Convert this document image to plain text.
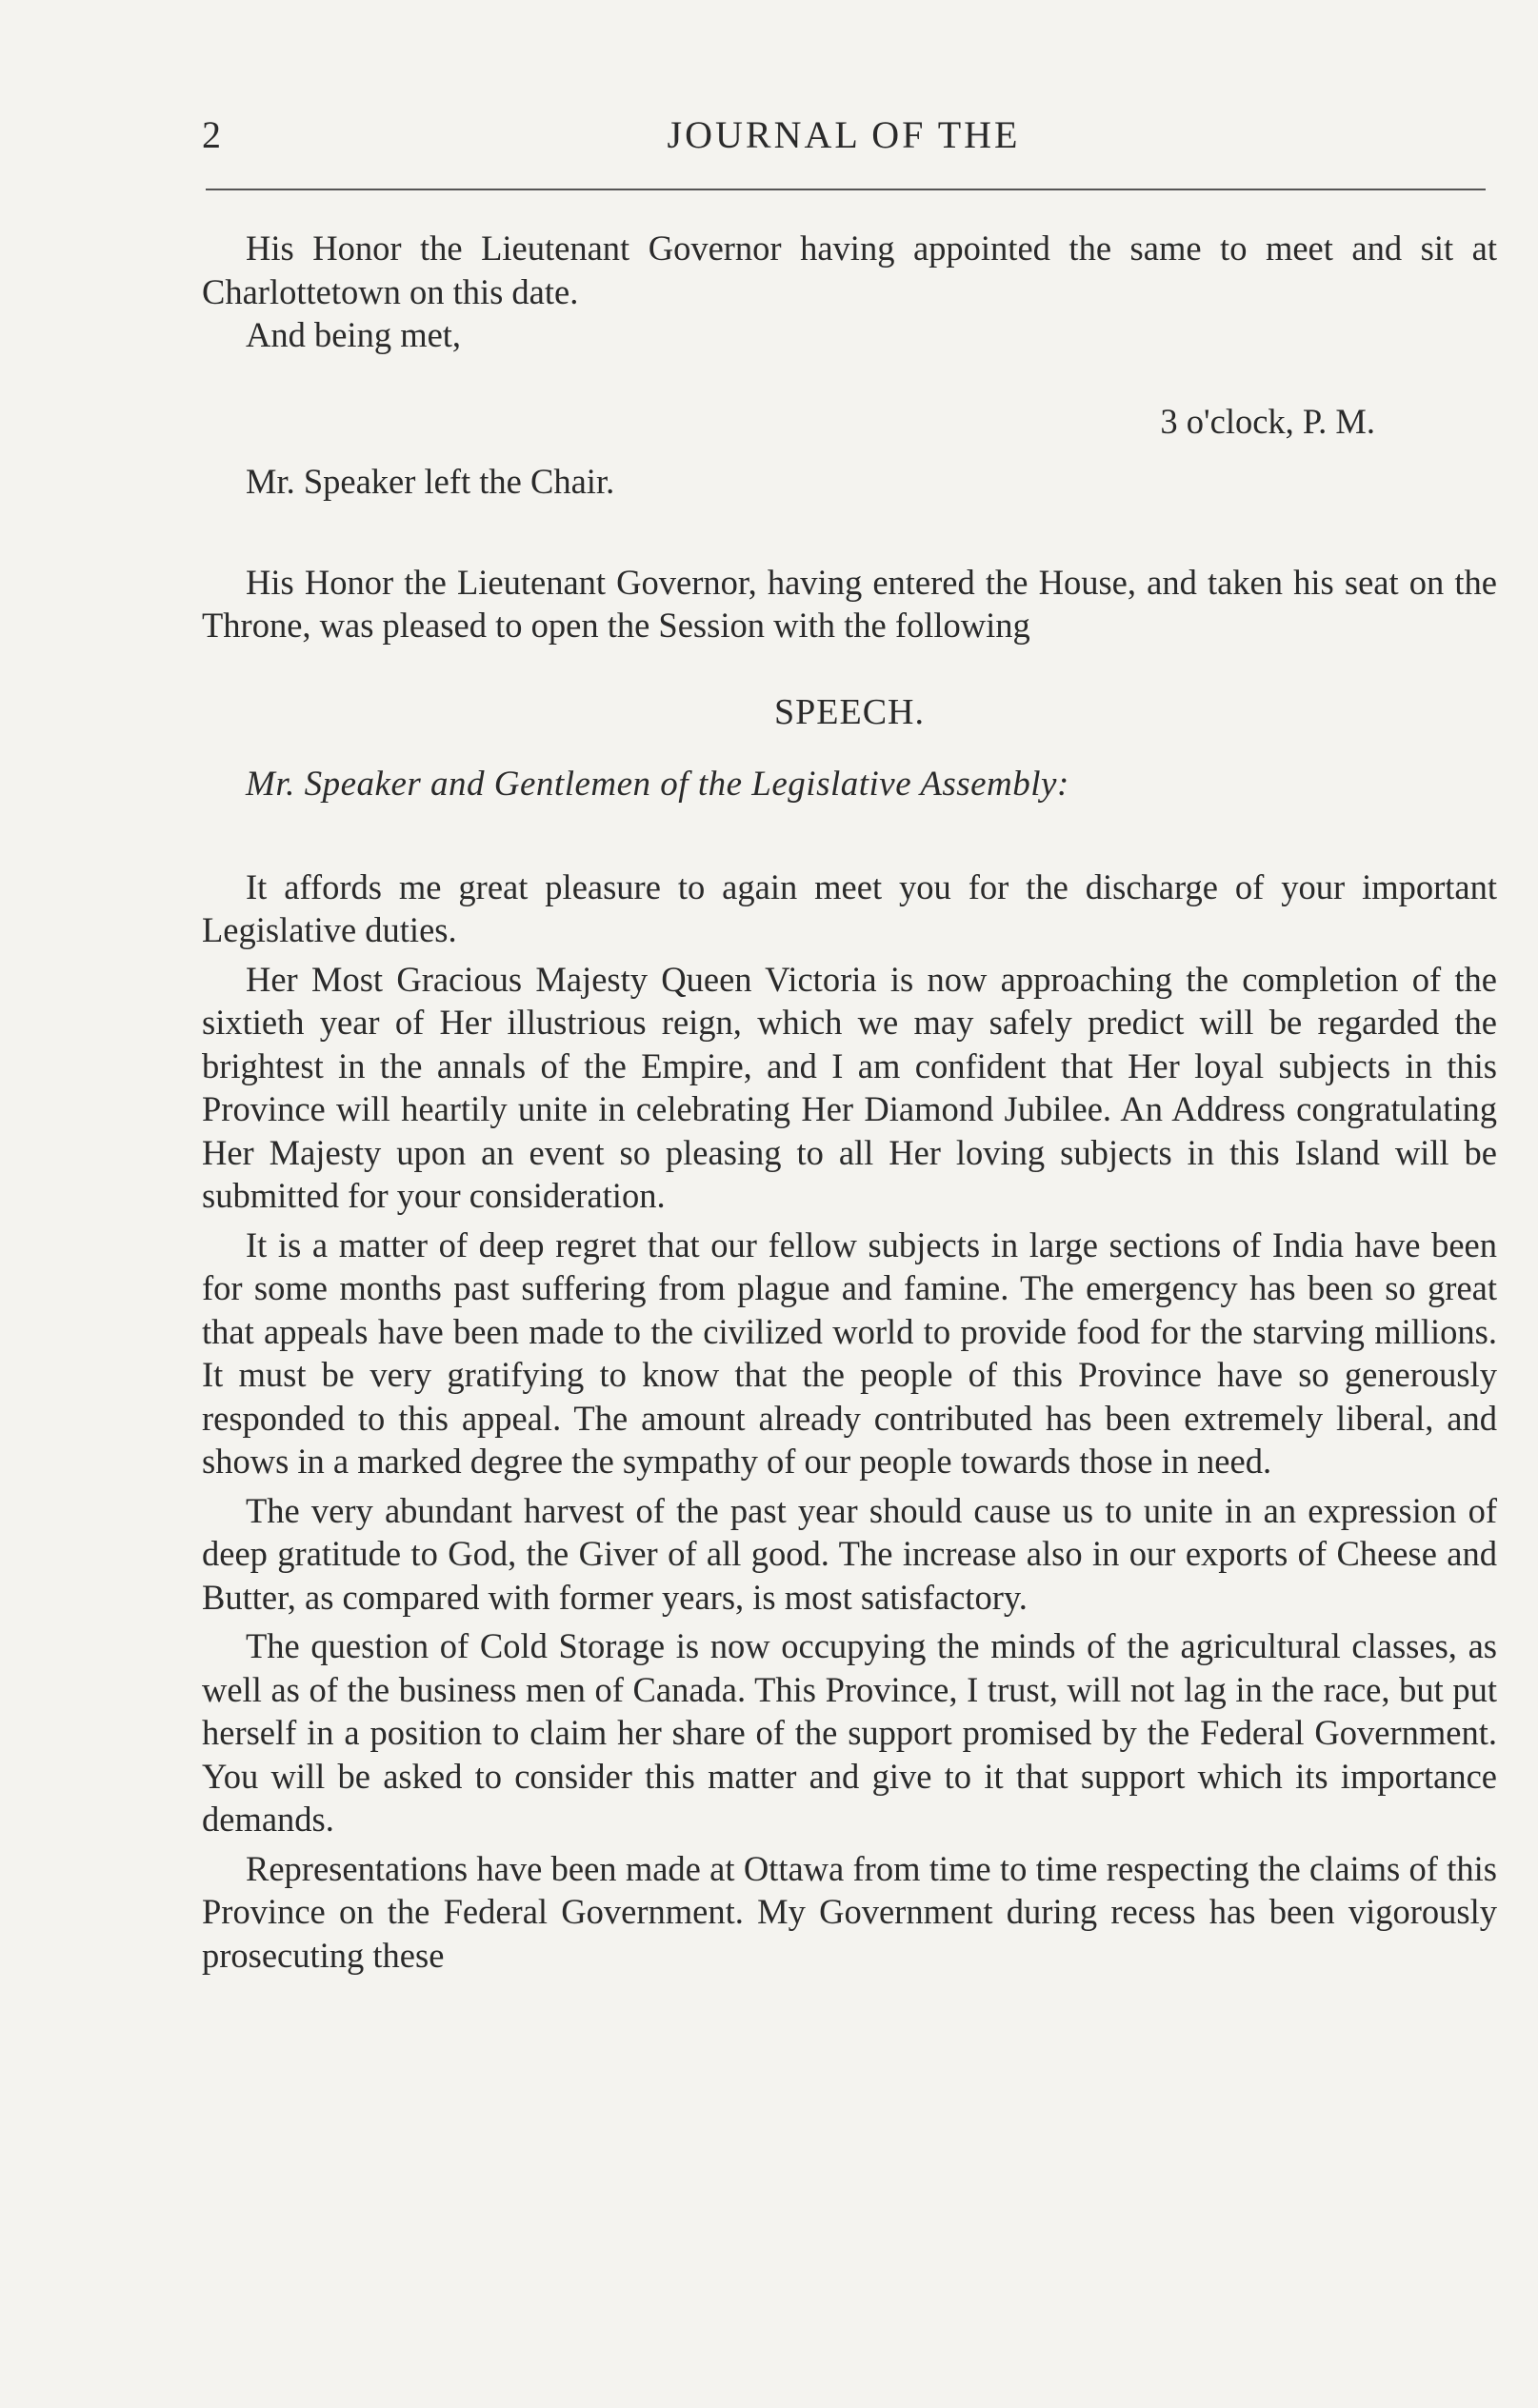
2	JOURNAL OF THE

His Honor the Lieutenant Governor having appointed the same to meet and sit at Charlottetown on this date.

And being met,

3 o'clock, P. M.

Mr. Speaker left the Chair.

His Honor the Lieutenant Governor, having entered the House, and taken his seat on the Throne, was pleased to open the Session with the following

SPEECH.

Mr. Speaker and Gentlemen of the Legislative Assembly:

It affords me great pleasure to again meet you for the discharge of your important Legislative duties.

Her Most Gracious Majesty Queen Victoria is now approaching the completion of the sixtieth year of Her illustrious reign, which we may safely predict will be regarded the brightest in the annals of the Empire, and I am confident that Her loyal subjects in this Province will heartily unite in celebrating Her Diamond Jubilee. An Address congratulating Her Majesty upon an event so pleasing to all Her loving subjects in this Island will be submitted for your consideration.

It is a matter of deep regret that our fellow subjects in large sections of India have been for some months past suffering from plague and famine. The emergency has been so great that appeals have been made to the civilized world to provide food for the starving millions. It must be very gratifying to know that the people of this Province have so generously responded to this appeal. The amount already contributed has been extremely liberal, and shows in a marked degree the sympathy of our people towards those in need.

The very abundant harvest of the past year should cause us to unite in an expression of deep gratitude to God, the Giver of all good. The increase also in our exports of Cheese and Butter, as compared with former years, is most satisfactory.

The question of Cold Storage is now occupying the minds of the agricultural classes, as well as of the business men of Canada. This Province, I trust, will not lag in the race, but put herself in a position to claim her share of the support promised by the Federal Government. You will be asked to consider this matter and give to it that support which its importance demands.

Representations have been made at Ottawa from time to time respecting the claims of this Province on the Federal Government. My Government during recess has been vigorously prosecuting these
